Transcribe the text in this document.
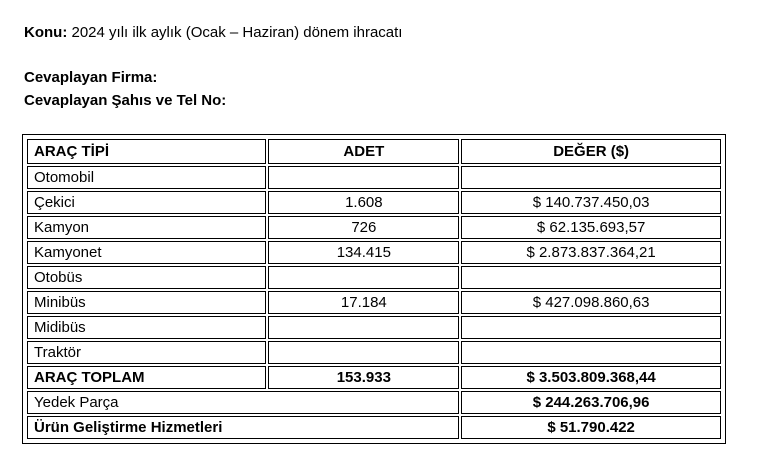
Konu: 2024 yılı ilk aylık (Ocak – Haziran) dönem ihracatı
Cevaplayan Firma:
Cevaplayan Şahıs ve Tel No:
ARAÇ TİPİ	ADET	DEĞER ($)
Otomobil		
Çekici	1.608	$ 140.737.450,03
Kamyon	726	$ 62.135.693,57
Kamyonet	134.415	$ 2.873.837.364,21
Otobüs		
Minibüs	17.184	$ 427.098.860,63
Midibüs		
Traktör		
ARAÇ TOPLAM	153.933	$ 3.503.809.368,44
Yedek Parça		$ 244.263.706,96
Ürün Geliştirme Hizmetleri		$ 51.790.422
